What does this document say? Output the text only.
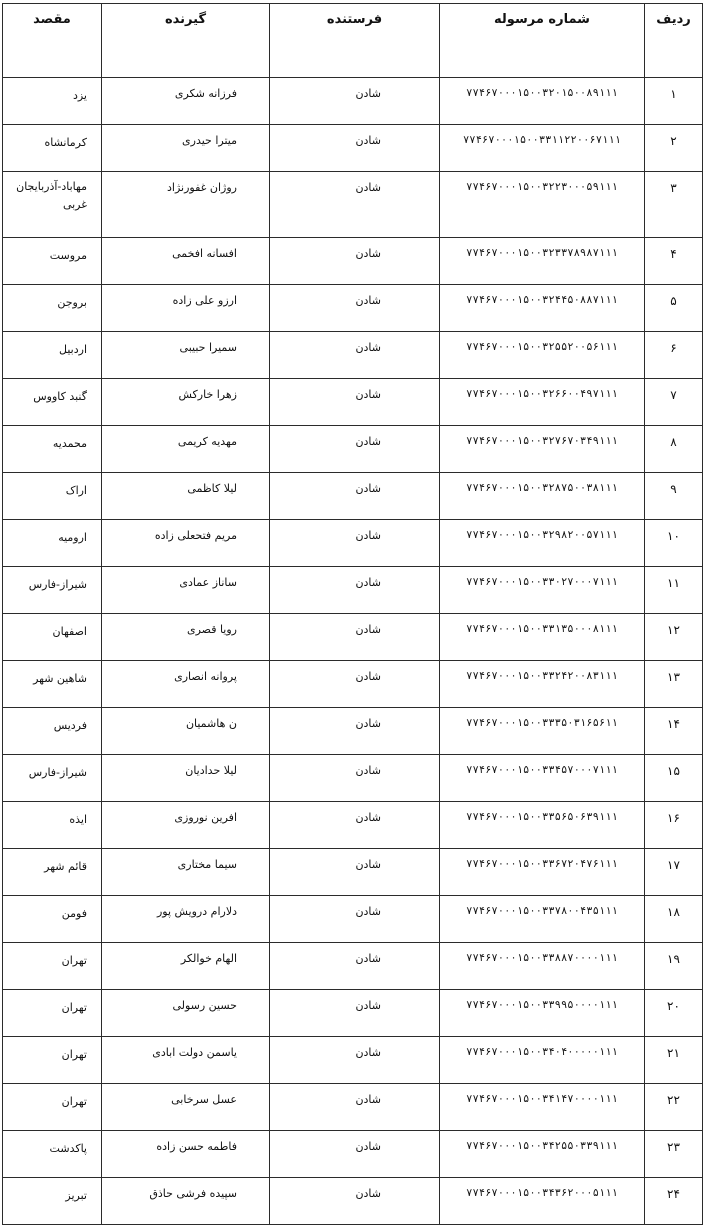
ردیف	شماره مرسوله	فرستنده	گیرنده	مقصد
۱	۷۷۴۶۷۰۰۰۱۵۰۰۳۲۰۱۵۰۰۸۹۱۱۱	شادن	فرزانه شکری	یزد
۲	۷۷۴۶۷۰۰۰۱۵۰۰۳۳۱۱۲۲۰۰۶۷۱۱۱	شادن	میترا حیدری	کرمانشاه
۳	۷۷۴۶۷۰۰۰۱۵۰۰۳۲۲۳۰۰۰۵۹۱۱۱	شادن	روژان غفورنژاد	مهاباد-آذربایجان غربی
۴	۷۷۴۶۷۰۰۰۱۵۰۰۳۲۳۳۷۸۹۸۷۱۱۱	شادن	افسانه افخمی	مروست
۵	۷۷۴۶۷۰۰۰۱۵۰۰۳۲۴۴۵۰۸۸۷۱۱۱	شادن	ارزو علی زاده	بروجن
۶	۷۷۴۶۷۰۰۰۱۵۰۰۳۲۵۵۲۰۰۵۶۱۱۱	شادن	سمیرا حبیبی	اردبیل
۷	۷۷۴۶۷۰۰۰۱۵۰۰۳۲۶۶۰۰۴۹۷۱۱۱	شادن	زهرا خارکش	گنبد کاووس
۸	۷۷۴۶۷۰۰۰۱۵۰۰۳۲۷۶۷۰۳۴۹۱۱۱	شادن	مهدیه کریمی	محمدیه
۹	۷۷۴۶۷۰۰۰۱۵۰۰۳۲۸۷۵۰۰۳۸۱۱۱	شادن	لیلا کاظمی	اراک
۱۰	۷۷۴۶۷۰۰۰۱۵۰۰۳۲۹۸۲۰۰۵۷۱۱۱	شادن	مریم فتحعلی زاده	ارومیه
۱۱	۷۷۴۶۷۰۰۰۱۵۰۰۳۳۰۲۷۰۰۰۷۱۱۱	شادن	ساناز عمادی	شیراز-فارس
۱۲	۷۷۴۶۷۰۰۰۱۵۰۰۳۳۱۳۵۰۰۰۸۱۱۱	شادن	رویا قصری	اصفهان
۱۳	۷۷۴۶۷۰۰۰۱۵۰۰۳۳۲۴۲۰۰۸۳۱۱۱	شادن	پروانه انصاری	شاهین شهر
۱۴	۷۷۴۶۷۰۰۰۱۵۰۰۳۳۳۵۰۳۱۶۵۶۱۱	شادن	ن هاشمیان	فردیس
۱۵	۷۷۴۶۷۰۰۰۱۵۰۰۳۳۴۵۷۰۰۰۷۱۱۱	شادن	لیلا حدادیان	شیراز-فارس
۱۶	۷۷۴۶۷۰۰۰۱۵۰۰۳۳۵۶۵۰۶۳۹۱۱۱	شادن	افرین نوروزی	ایذه
۱۷	۷۷۴۶۷۰۰۰۱۵۰۰۳۳۶۷۲۰۴۷۶۱۱۱	شادن	سیما مختاری	قائم شهر
۱۸	۷۷۴۶۷۰۰۰۱۵۰۰۳۳۷۸۰۰۴۳۵۱۱۱	شادن	دلارام درویش پور	فومن
۱۹	۷۷۴۶۷۰۰۰۱۵۰۰۳۳۸۸۷۰۰۰۰۱۱۱	شادن	الهام خوالکر	تهران
۲۰	۷۷۴۶۷۰۰۰۱۵۰۰۳۳۹۹۵۰۰۰۰۱۱۱	شادن	حسین رسولی	تهران
۲۱	۷۷۴۶۷۰۰۰۱۵۰۰۳۴۰۴۰۰۰۰۰۱۱۱	شادن	یاسمن دولت ابادی	تهران
۲۲	۷۷۴۶۷۰۰۰۱۵۰۰۳۴۱۴۷۰۰۰۰۱۱۱	شادن	عسل سرخابی	تهران
۲۳	۷۷۴۶۷۰۰۰۱۵۰۰۳۴۲۵۵۰۳۳۹۱۱۱	شادن	فاطمه حسن زاده	پاکدشت
۲۴	۷۷۴۶۷۰۰۰۱۵۰۰۳۴۳۶۲۰۰۰۵۱۱۱	شادن	سپیده فرشی حاذق	تبریز
